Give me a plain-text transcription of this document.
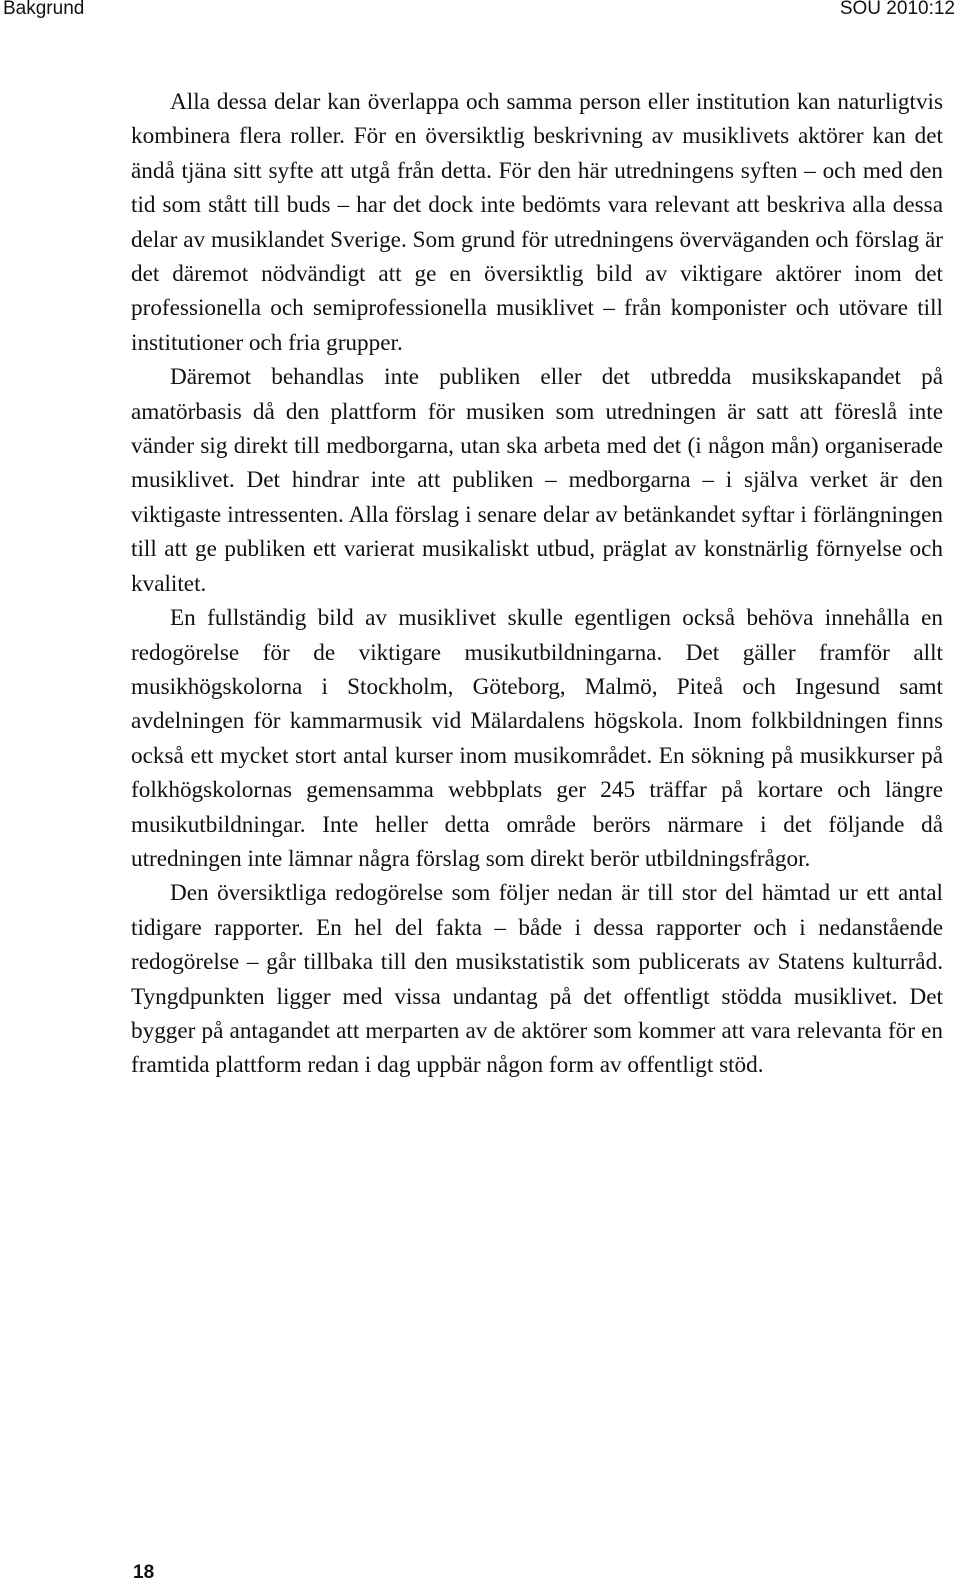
Bakgrund	SOU 2010:12

Alla dessa delar kan överlappa och samma person eller institution kan naturligtvis kombinera flera roller. För en översiktlig beskrivning av musiklivets aktörer kan det ändå tjäna sitt syfte att utgå från detta. För den här utredningens syften – och med den tid som stått till buds – har det dock inte bedömts vara relevant att beskriva alla dessa delar av musiklandet Sverige. Som grund för utredningens överväganden och förslag är det däremot nödvändigt att ge en översiktlig bild av viktigare aktörer inom det professionella och semiprofessionella musiklivet – från komponister och utövare till institutioner och fria grupper.

Däremot behandlas inte publiken eller det utbredda musikskapandet på amatörbasis då den plattform för musiken som utredningen är satt att föreslå inte vänder sig direkt till medborgarna, utan ska arbeta med det (i någon mån) organiserade musiklivet. Det hindrar inte att publiken – medborgarna – i själva verket är den viktigaste intressenten. Alla förslag i senare delar av betänkandet syftar i förlängningen till att ge publiken ett varierat musikaliskt utbud, präglat av konstnärlig förnyelse och kvalitet.

En fullständig bild av musiklivet skulle egentligen också behöva innehålla en redogörelse för de viktigare musikutbildningarna. Det gäller framför allt musikhögskolorna i Stockholm, Göteborg, Malmö, Piteå och Ingesund samt avdelningen för kammarmusik vid Mälardalens högskola. Inom folkbildningen finns också ett mycket stort antal kurser inom musikområdet. En sökning på musikkurser på folkhögskolornas gemensamma webbplats ger 245 träffar på kortare och längre musikutbildningar. Inte heller detta område berörs närmare i det följande då utredningen inte lämnar några förslag som direkt berör utbildningsfrågor.

Den översiktliga redogörelse som följer nedan är till stor del hämtad ur ett antal tidigare rapporter. En hel del fakta – både i dessa rapporter och i nedanstående redogörelse – går tillbaka till den musikstatistik som publicerats av Statens kulturråd. Tyngdpunkten ligger med vissa undantag på det offentligt stödda musiklivet. Det bygger på antagandet att merparten av de aktörer som kommer att vara relevanta för en framtida plattform redan i dag uppbär någon form av offentligt stöd.

18
